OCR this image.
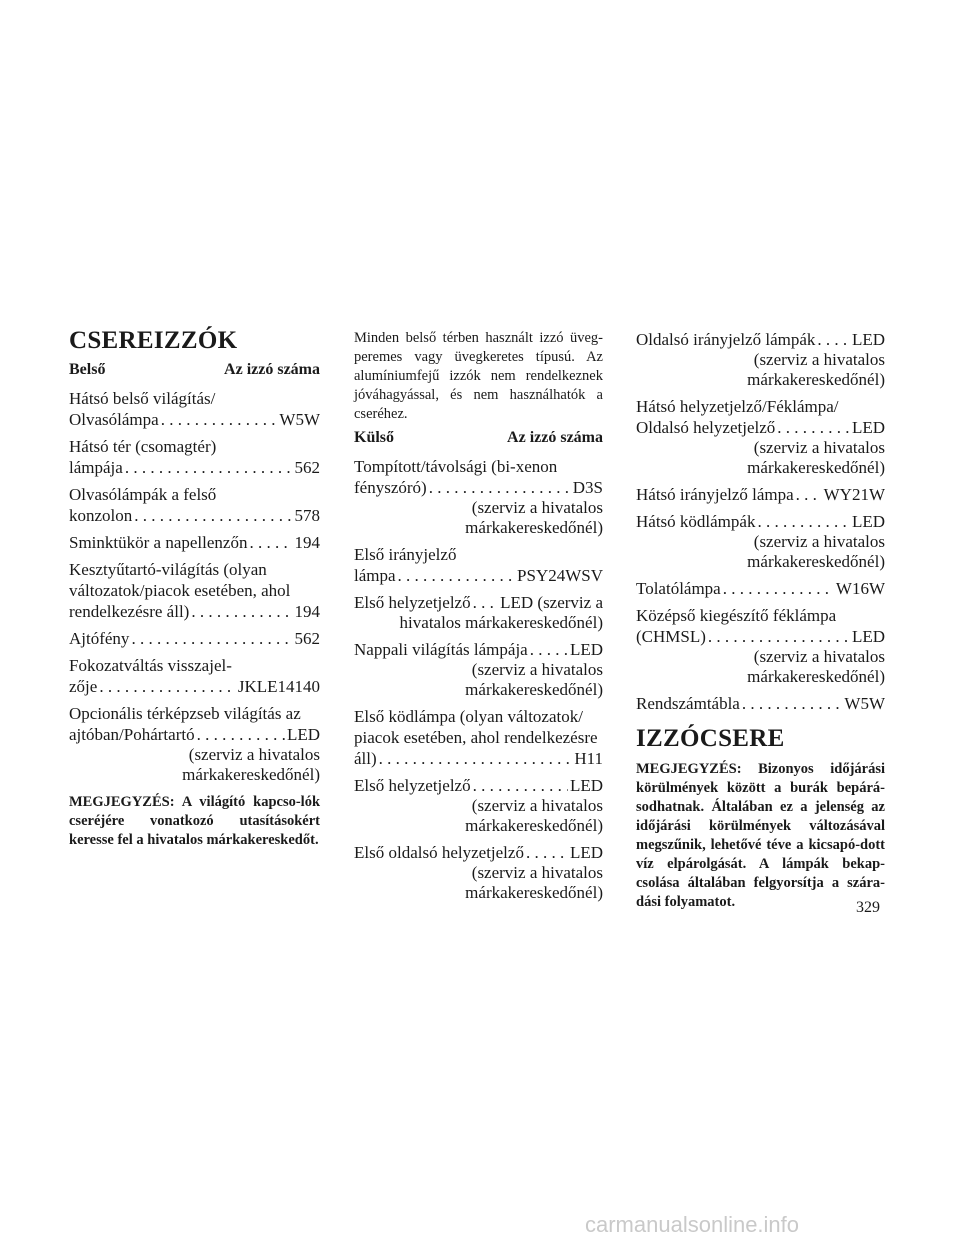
CSEREIZZÓK
Belső	Az izzó száma
Hátsó belső világítás/
Olvasólámpa . . .	W5W
Hátsó tér (csomagtér)
lámpája . . .	562
Olvasólámpák a felső
konzolon . . .	578
Sminktükör a napellenzőn . . .	194
Kesztyűtartó-világítás (olyan
változatok/piacok esetében, ahol
rendelkezésre áll) . . .	194
Ajtófény . . .	562
Fokozatváltás visszajel-
zője . . .	JKLE14140
Opcionális térképzseb világítás az
ajtóban/Pohártartó . . .	LED
(szerviz a hivatalos
márkakereskedőnél)
MEGJEGYZÉS: A világító kapcso-lók cseréjére vonatkozó utasításokért keresse fel a hivatalos márkakereskedőt.
Minden belső térben használt izzó üveg-peremes vagy üvegkeretes típusú. Az alumíniumfejű izzók nem rendelkeznek jóváhagyással, és nem használhatók a cseréhez.
Külső	Az izzó száma
Tompított/távolsági (bi-xenon
fényszóró) . . .	D3S
(szerviz a hivatalos
márkakereskedőnél)
Első irányjelző
lámpa . . .	PSY24WSV
Első helyzetjelző . . . LED (szerviz a
hivatalos márkakereskedőnél)
Nappali világítás lámpája . . . LED
(szerviz a hivatalos
márkakereskedőnél)
Első ködlámpa (olyan változatok/
piacok esetében, ahol rendelkezésre
áll) . . .	H11
Első helyzetjelző . . .	LED
(szerviz a hivatalos
márkakereskedőnél)
Első oldalsó helyzetjelző . . .	LED
(szerviz a hivatalos
márkakereskedőnél)
Oldalsó irányjelző lámpák . . . LED
(szerviz a hivatalos
márkakereskedőnél)
Hátsó helyzetjelző/Féklámpa/
Oldalsó helyzetjelző . . .	LED
(szerviz a hivatalos
márkakereskedőnél)
Hátsó irányjelző lámpa . . . WY21W
Hátsó ködlámpák . . .	LED
(szerviz a hivatalos
márkakereskedőnél)
Tolatólámpa . . .	W16W
Középső kiegészítő féklámpa
(CHMSL) . . .	LED
(szerviz a hivatalos
márkakereskedőnél)
Rendszámtábla . . .	W5W
IZZÓCSERE
MEGJEGYZÉS: Bizonyos időjárási körülmények között a burák bepárá-sodhatnak. Általában ez a jelenség az időjárási körülmények változásával megszűnik, lehetővé téve a kicsapó-dott víz elpárolgását. A lámpák bekap-csolása általában felgyorsítja a szára-dási folyamatot.	329
carmanualsonline.info
